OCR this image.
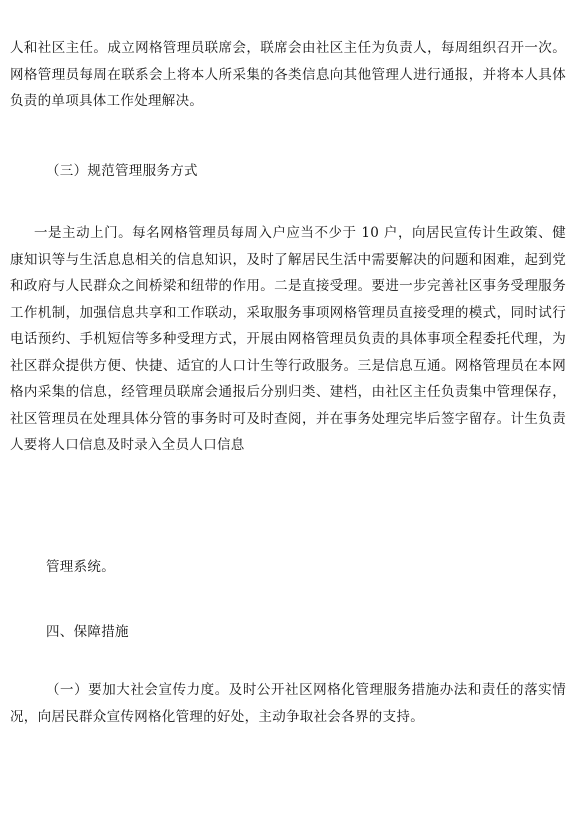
人和社区主任。成立网格管理员联席会，联席会由社区主任为负责人，每周组织召开一次。网格管理员每周在联系会上将本人所采集的各类信息向其他管理人进行通报，并将本人具体负责的单项具体工作处理解决。

（三）规范管理服务方式

一是主动上门。每名网格管理员每周入户应当不少于 10 户，向居民宣传计生政策、健康知识等与生活息息相关的信息知识，及时了解居民生活中需要解决的问题和困难，起到党和政府与人民群众之间桥梁和纽带的作用。二是直接受理。要进一步完善社区事务受理服务工作机制，加强信息共享和工作联动，采取服务事项网格管理员直接受理的模式，同时试行电话预约、手机短信等多种受理方式，开展由网格管理员负责的具体事项全程委托代理，为社区群众提供方便、快捷、适宜的人口计生等行政服务。三是信息互通。网格管理员在本网格内采集的信息，经管理员联席会通报后分别归类、建档，由社区主任负责集中管理保存，社区管理员在处理具体分管的事务时可及时查阅，并在事务处理完毕后签字留存。计生负责人要将人口信息及时录入全员人口信息

管理系统。

四、保障措施

（一）要加大社会宣传力度。及时公开社区网格化管理服务措施办法和责任的落实情况，向居民群众宣传网格化管理的好处，主动争取社会各界的支持。
